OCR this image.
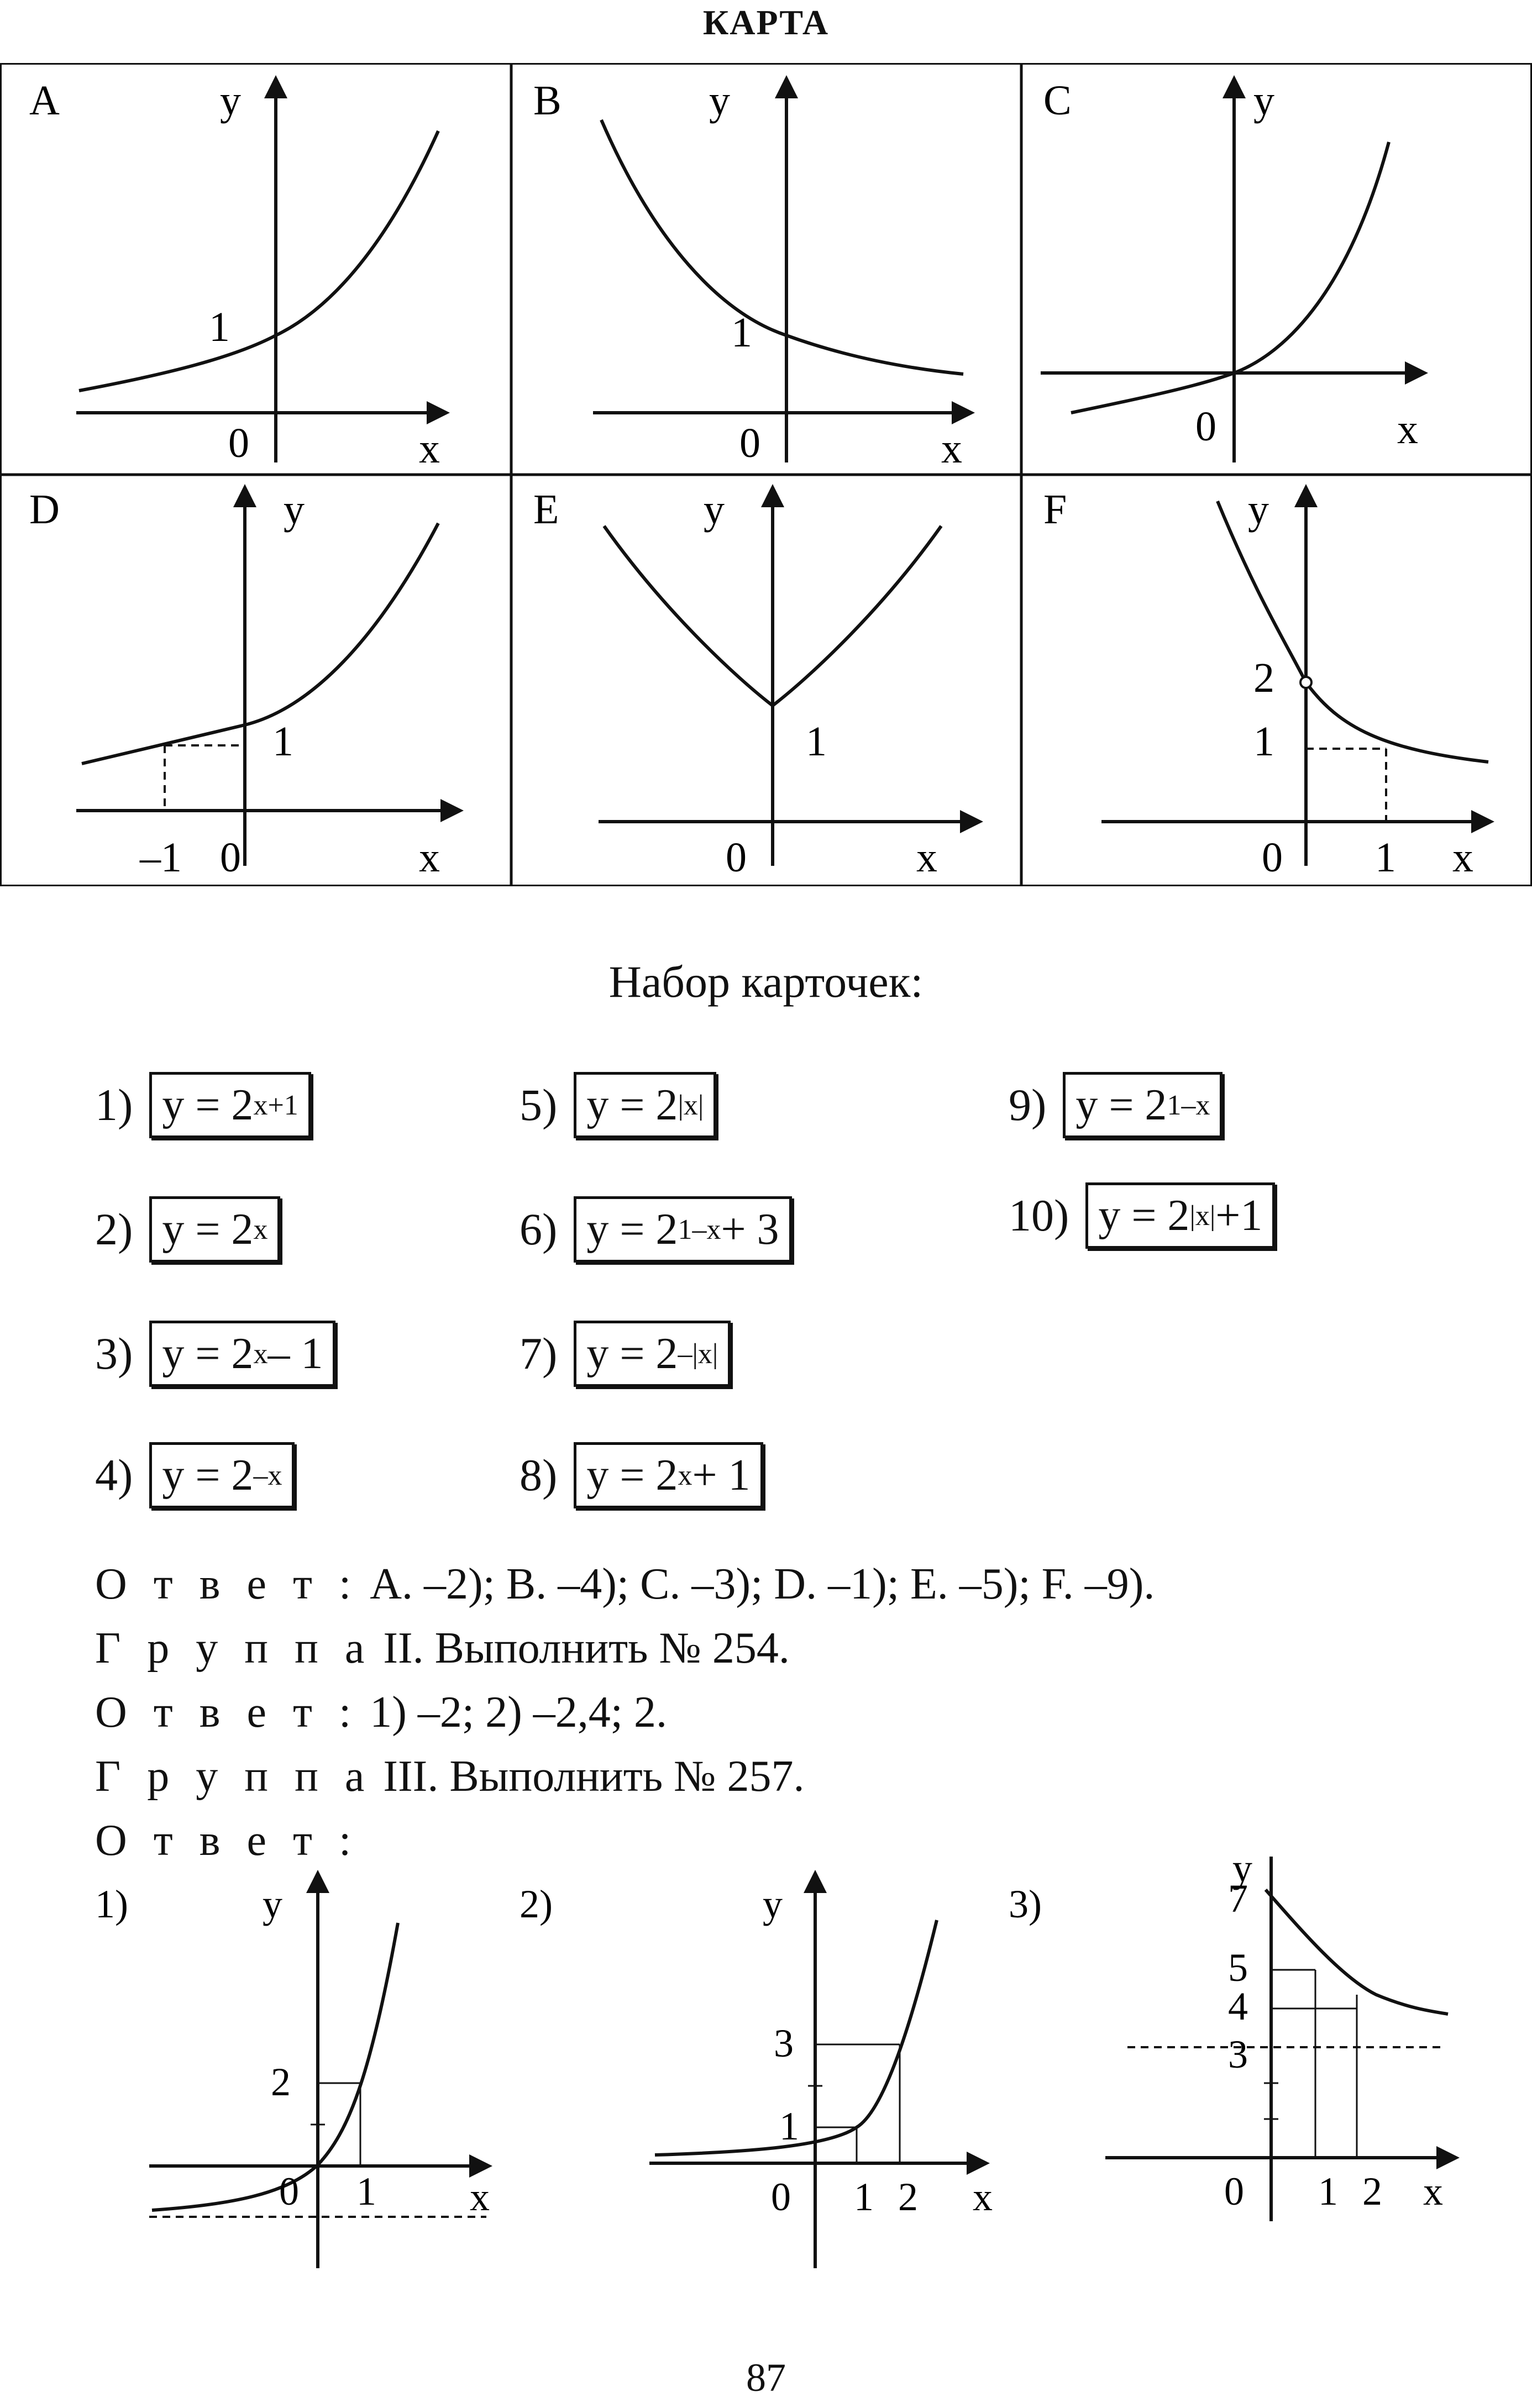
КАРТА
A	y
x
0
1
B	y
x
0
1
C	y
x
0
D	y
x
0
1
–1
E	y
x
0
1
F	y
x
0 1
2
1
Набор карточек:
1) y = 2 x+1
2) y = 2 x
3) y = 2 x – 1
4) y = 2 –x
5) y = 2 |x|
6) y = 2 1–x + 3
7) y = 2 –|x|
8) y = 2 x + 1
9) y = 2 1–x
10) y = 2 |x| +1
О т в е т : A. –2); B. –4); C. –3); D. –1); E. –5); F. –9).
Г р у п п а II. Выполнить № 254.
О т в е т : 1) –2; 2) –2,4; 2.
Г р у п п а III. Выполнить № 257.
О т в е т :
1)	y
x
0 1
2
2)	y
x
0 1 2
1
3
3)
y
x
0 1 2
7
5
4
3
87
